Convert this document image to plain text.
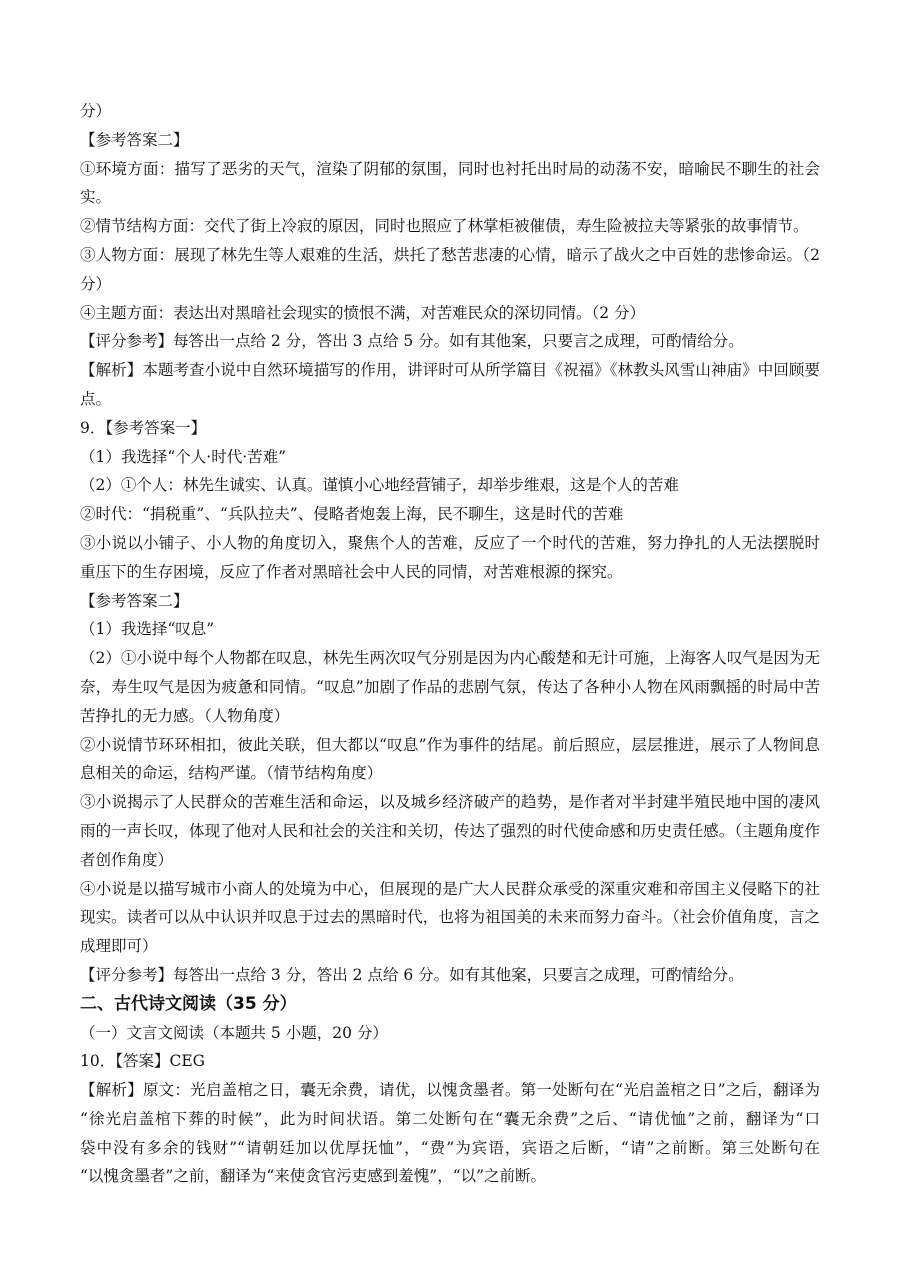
分）
【参考答案二】
①环境方面：描写了恶劣的天气，渲染了阴郁的氛围，同时也衬托出时局的动荡不安，暗喻民不聊生的社会
实。
②情节结构方面：交代了街上冷寂的原因，同时也照应了林掌柜被催债，寿生险被拉夫等紧张的故事情节。
③人物方面：展现了林先生等人艰难的生活，烘托了愁苦悲凄的心情，暗示了战火之中百姓的悲惨命运。（2
分）
④主题方面：表达出对黑暗社会现实的愤恨不满，对苦难民众的深切同情。（2 分）
【评分参考】每答出一点给 2 分，答出 3 点给 5 分。如有其他案，只要言之成理，可酌情给分。
【解析】本题考查小说中自然环境描写的作用，讲评时可从所学篇目《祝福》《林教头风雪山神庙》中回顾要
点。
9．【参考答案一】
（1）我选择“个人·时代·苦难”
（2）①个人：林先生诚实、认真。谨慎小心地经营铺子，却举步维艰，这是个人的苦难
②时代：“捐税重”、“兵队拉夫”、侵略者炮轰上海，民不聊生，这是时代的苦难
③小说以小铺子、小人物的角度切入，聚焦个人的苦难，反应了一个时代的苦难，努力挣扎的人无法摆脱时
重压下的生存困境，反应了作者对黑暗社会中人民的同情，对苦难根源的探究。
【参考答案二】
（1）我选择“叹息”
（2）①小说中每个人物都在叹息，林先生两次叹气分别是因为内心酸楚和无计可施，上海客人叹气是因为无
奈，寿生叹气是因为疲惫和同情。“叹息”加剧了作品的悲剧气氛，传达了各种小人物在风雨飘摇的时局中苦
苦挣扎的无力感。（人物角度）
②小说情节环环相扣，彼此关联，但大都以“叹息”作为事件的结尾。前后照应，层层推进，展示了人物间息
息相关的命运，结构严谨。（情节结构角度）
③小说揭示了人民群众的苦难生活和命运，以及城乡经济破产的趋势，是作者对半封建半殖民地中国的凄风
雨的一声长叹，体现了他对人民和社会的关注和关切，传达了强烈的时代使命感和历史责任感。（主题角度作
者创作角度）
④小说是以描写城市小商人的处境为中心，但展现的是广大人民群众承受的深重灾难和帝国主义侵略下的社
现实。读者可以从中认识并叹息于过去的黑暗时代，也将为祖国美的未来而努力奋斗。（社会价值角度，言之
成理即可）
【评分参考】每答出一点给 3 分，答出 2 点给 6 分。如有其他案，只要言之成理，可酌情给分。
二、古代诗文阅读（35 分）
（一）文言文阅读（本题共 5 小题，20 分）
10．【答案】CEG
【解析】原文：光启盖棺之日，囊无余费，请优，以愧贪墨者。第一处断句在“光启盖棺之日”之后，翻译为
“徐光启盖棺下葬的时候”，此为时间状语。第二处断句在“囊无余费”之后、“请优恤”之前，翻译为“口
袋中没有多余的钱财”“请朝廷加以优厚抚恤”，“费”为宾语，宾语之后断，“请”之前断。第三处断句在
“以愧贪墨者”之前，翻译为“来使贪官污吏感到羞愧”，“以”之前断。
